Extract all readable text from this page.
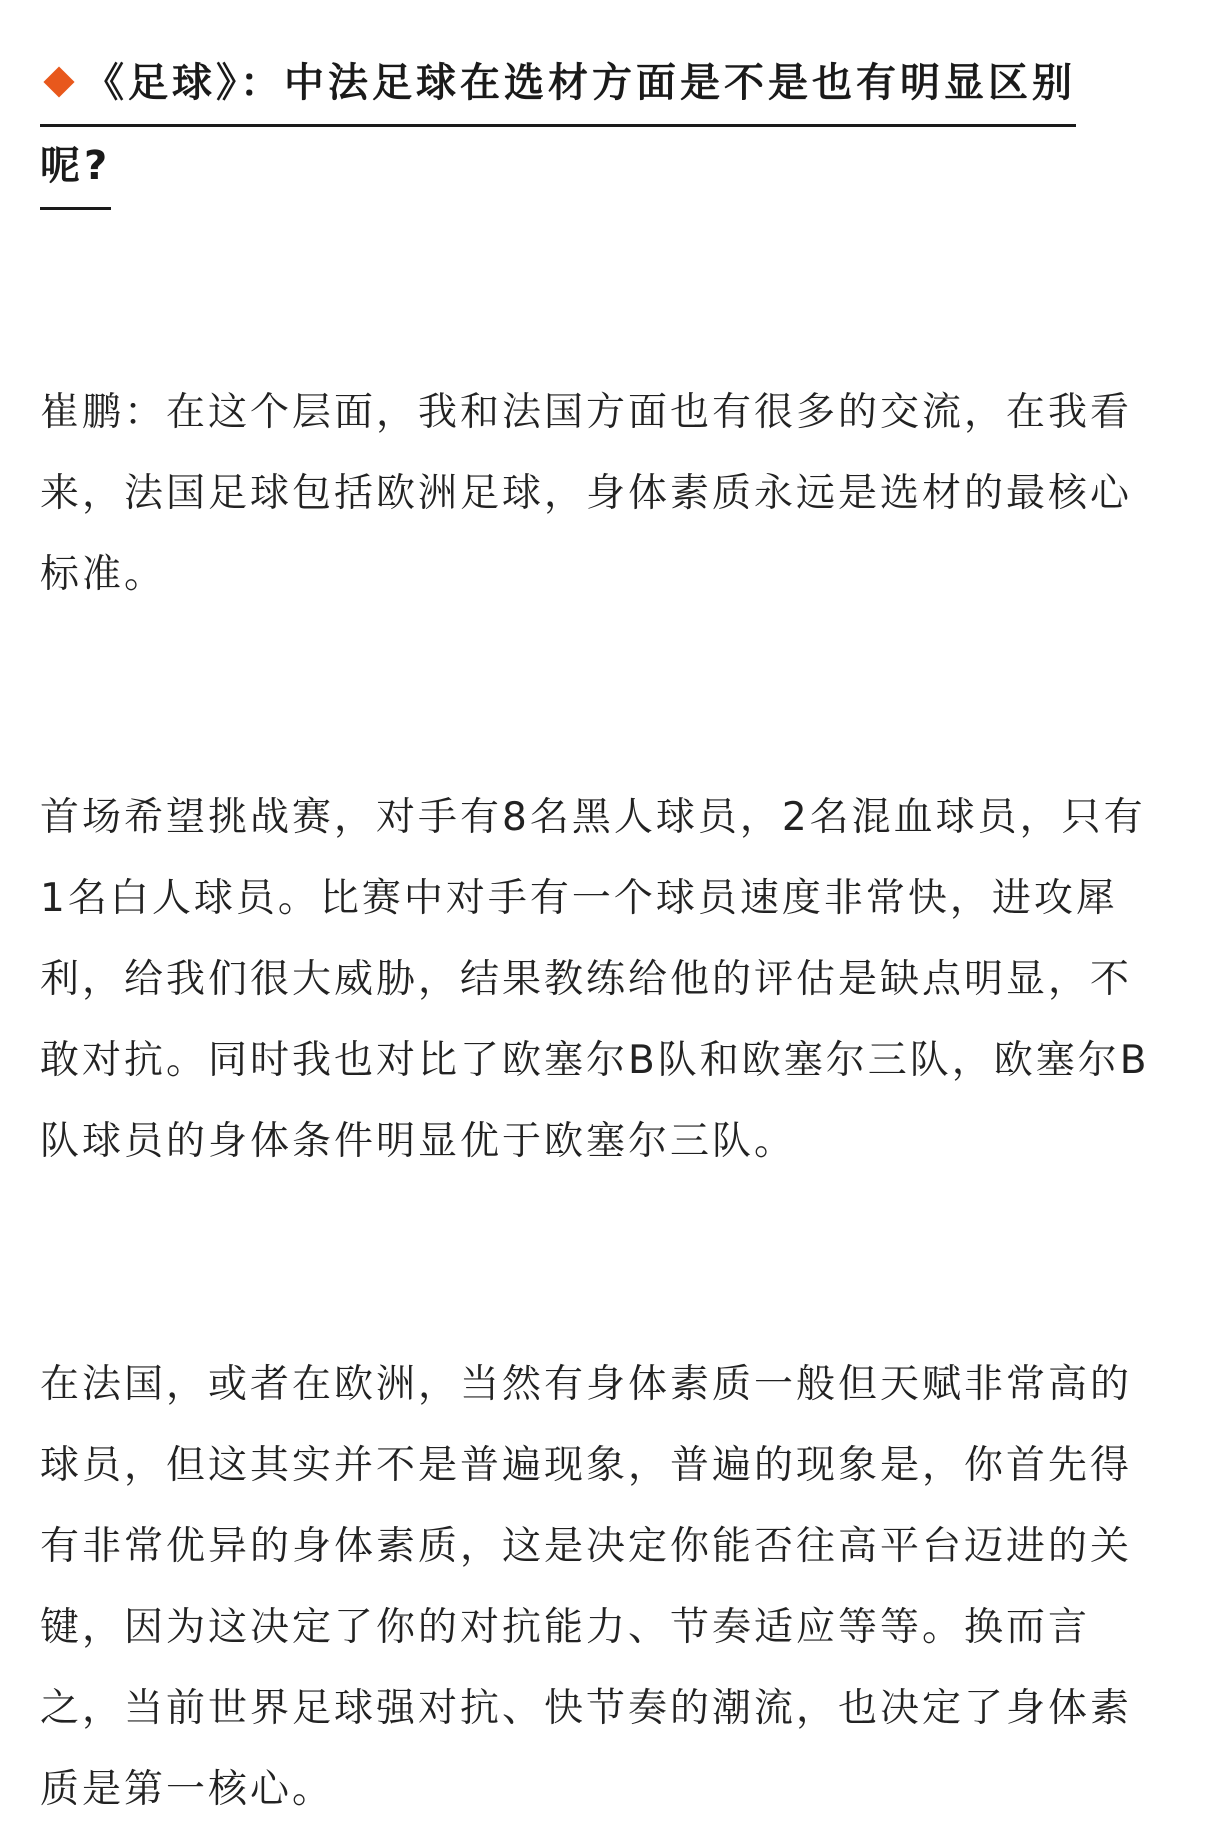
《足球》：中法足球在选材方面是不是也有明显区别
呢?

崔鹏：在这个层面，我和法国方面也有很多的交流，在我看来，法国足球包括欧洲足球，身体素质永远是选材的最核心标准。

首场希望挑战赛，对手有8名黑人球员，2名混血球员，只有1名白人球员。比赛中对手有一个球员速度非常快，进攻犀利，给我们很大威胁，结果教练给他的评估是缺点明显，不敢对抗。同时我也对比了欧塞尔B队和欧塞尔三队，欧塞尔B队球员的身体条件明显优于欧塞尔三队。

在法国，或者在欧洲，当然有身体素质一般但天赋非常高的球员，但这其实并不是普遍现象，普遍的现象是，你首先得有非常优异的身体素质，这是决定你能否往高平台迈进的关键，因为这决定了你的对抗能力、节奏适应等等。换而言之，当前世界足球强对抗、快节奏的潮流，也决定了身体素质是第一核心。
